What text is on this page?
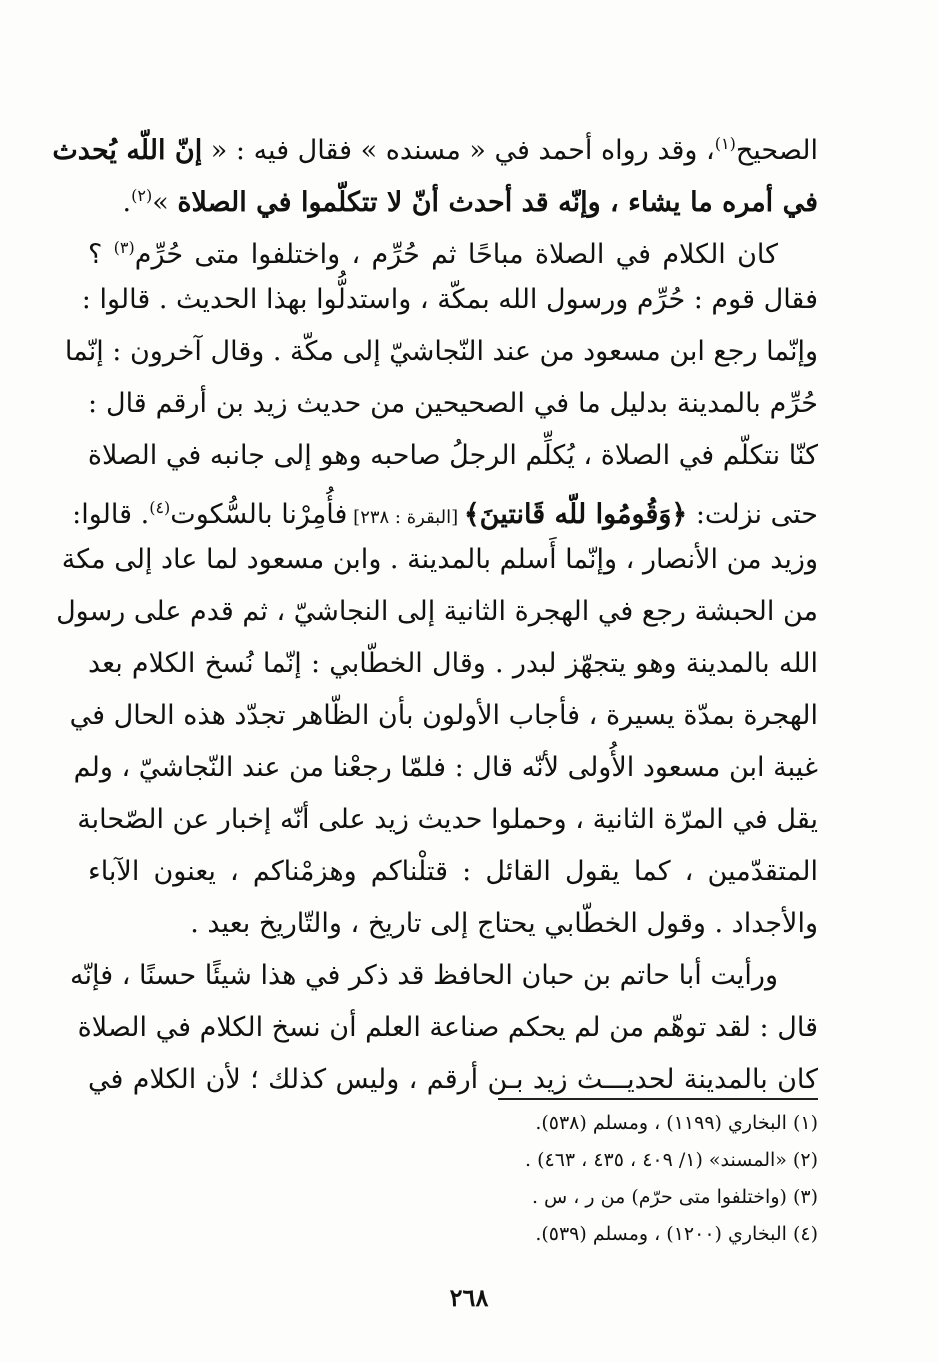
الصحيح$^{(١)}$، وقد رواه أحمد في « مسنده » فقال فيه : « إنّ اللّه يُحدث
في أمره ما يشاء ، وإنّه قد أحدث أنّ لا تتكلّموا في الصلاة »$^{(٢)}$.
كان الكلام في الصلاة مباحًا ثم حُرِّم ، واختلفوا متى حُرِّم$^{(٣)}$ ؟
فقال قوم : حُرِّم ورسول الله بمكّة ، واستدلُّوا بهذا الحديث . قالوا :
وإنّما رجع ابن مسعود من عند النّجاشيّ إلى مكّة . وقال آخرون : إنّما
حُرِّم بالمدينة بدليل ما في الصحيحين من حديث زيد بن أرقم قال :
كنّا نتكلّم في الصلاة ، يُكلِّم الرجلُ صاحبه وهو إلى جانبه في الصلاة
حتى نزلت: ﴿وَقُومُوا للّه قَانتينَ﴾ [البقرة : ٢٣٨] فأُمِرْنا بالسُّكوت$^{(٤)}$. قالوا:
وزيد من الأنصار ، وإنّما أَسلم بالمدينة . وابن مسعود لما عاد إلى مكة
من الحبشة رجع في الهجرة الثانية إلى النجاشيّ ، ثم قدم على رسول
الله بالمدينة وهو يتجهّز لبدر . وقال الخطّابي : إنّما نُسخ الكلام بعد
الهجرة بمدّة يسيرة ، فأجاب الأولون بأن الظّاهر تجدّد هذه الحال في
غيبة ابن مسعود الأُولى لأنّه قال : فلمّا رجعْنا من عند النّجاشيّ ، ولم
يقل في المرّة الثانية ، وحملوا حديث زيد على أنّه إخبار عن الصّحابة
المتقدّمين ، كما يقول القائل : قتلْناكم وهزمْناكم ، يعنون الآباء
والأجداد . وقول الخطّابي يحتاج إلى تاريخ ، والتّاريخ بعيد .
ورأيت أبا حاتم بن حبان الحافظ قد ذكر في هذا شيئًا حسنًا ، فإنّه
قال : لقد توهّم من لم يحكم صناعة العلم أن نسخ الكلام في الصلاة
كان بالمدينة لحديـــث زيد بـن أرقم ، وليس كذلك ؛ لأن الكلام في
(١) البخاري (١١٩٩) ، ومسلم (٥٣٨).
(٢) «المسند» (١/ ٤٠٩ ، ٤٣٥ ، ٤٦٣) .
(٣) (واختلفوا متى حرّم) من ر ، س .
(٤) البخاري (١٢٠٠) ، ومسلم (٥٣٩).
٢٦٨
